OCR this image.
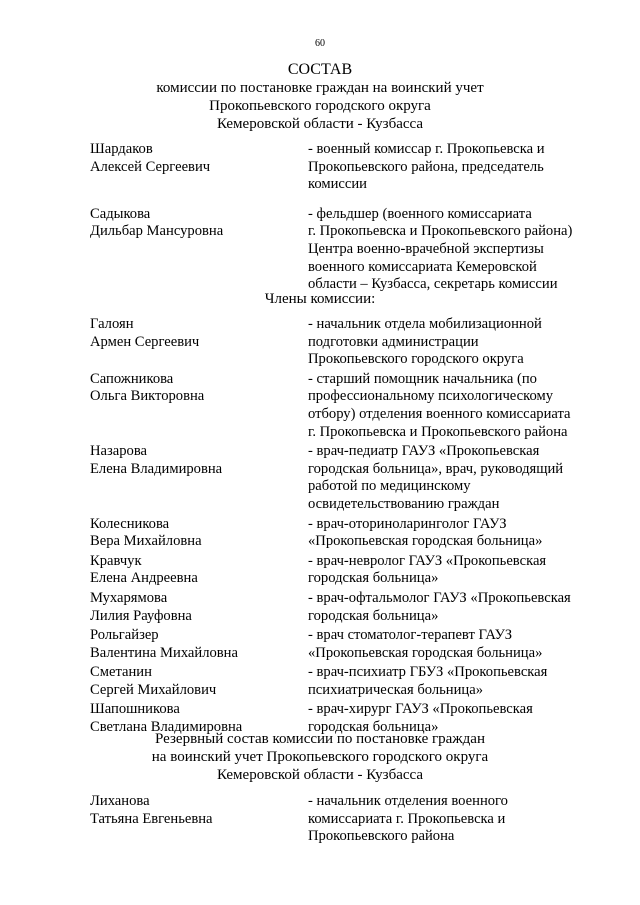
60
СОСТАВ
комиссии по постановке граждан на воинский учет
Прокопьевского городского округа
Кемеровской области - Кузбасса
Шардаков
Алексей Сергеевич
- военный комиссар г. Прокопьевска и
Прокопьевского района, председатель
комиссии
Садыкова
Дильбар Мансуровна
- фельдшер (военного комиссариата
г. Прокопьевска и Прокопьевского района)
Центра военно-врачебной экспертизы
военного комиссариата Кемеровской
области – Кузбасса, секретарь комиссии
Члены комиссии:
Галоян
Армен Сергеевич
- начальник отдела мобилизационной
подготовки администрации
Прокопьевского городского округа
Сапожникова
Ольга Викторовна
- старший помощник начальника (по
профессиональному психологическому
отбору) отделения военного комиссариата
г. Прокопьевска и Прокопьевского района
Назарова
Елена Владимировна
- врач-педиатр ГАУЗ «Прокопьевская
городская больница», врач, руководящий
работой по медицинскому
освидетельствованию граждан
Колесникова
Вера Михайловна
- врач-оториноларинголог ГАУЗ
«Прокопьевская городская больница»
Кравчук
Елена Андреевна
- врач-невролог ГАУЗ «Прокопьевская
городская больница»
Мухарямова
Лилия Рауфовна
- врач-офтальмолог ГАУЗ «Прокопьевская
городская больница»
Рольгайзер
Валентина Михайловна
- врач стоматолог-терапевт ГАУЗ
«Прокопьевская городская больница»
Сметанин
Сергей Михайлович
- врач-психиатр ГБУЗ «Прокопьевская
психиатрическая больница»
Шапошникова
Светлана Владимировна
- врач-хирург ГАУЗ «Прокопьевская
городская больница»
Резервный состав комиссии по постановке граждан
на воинский учет Прокопьевского городского округа
Кемеровской области - Кузбасса
Лиханова
Татьяна Евгеньевна
- начальник отделения военного
комиссариата г. Прокопьевска и
Прокопьевского района
